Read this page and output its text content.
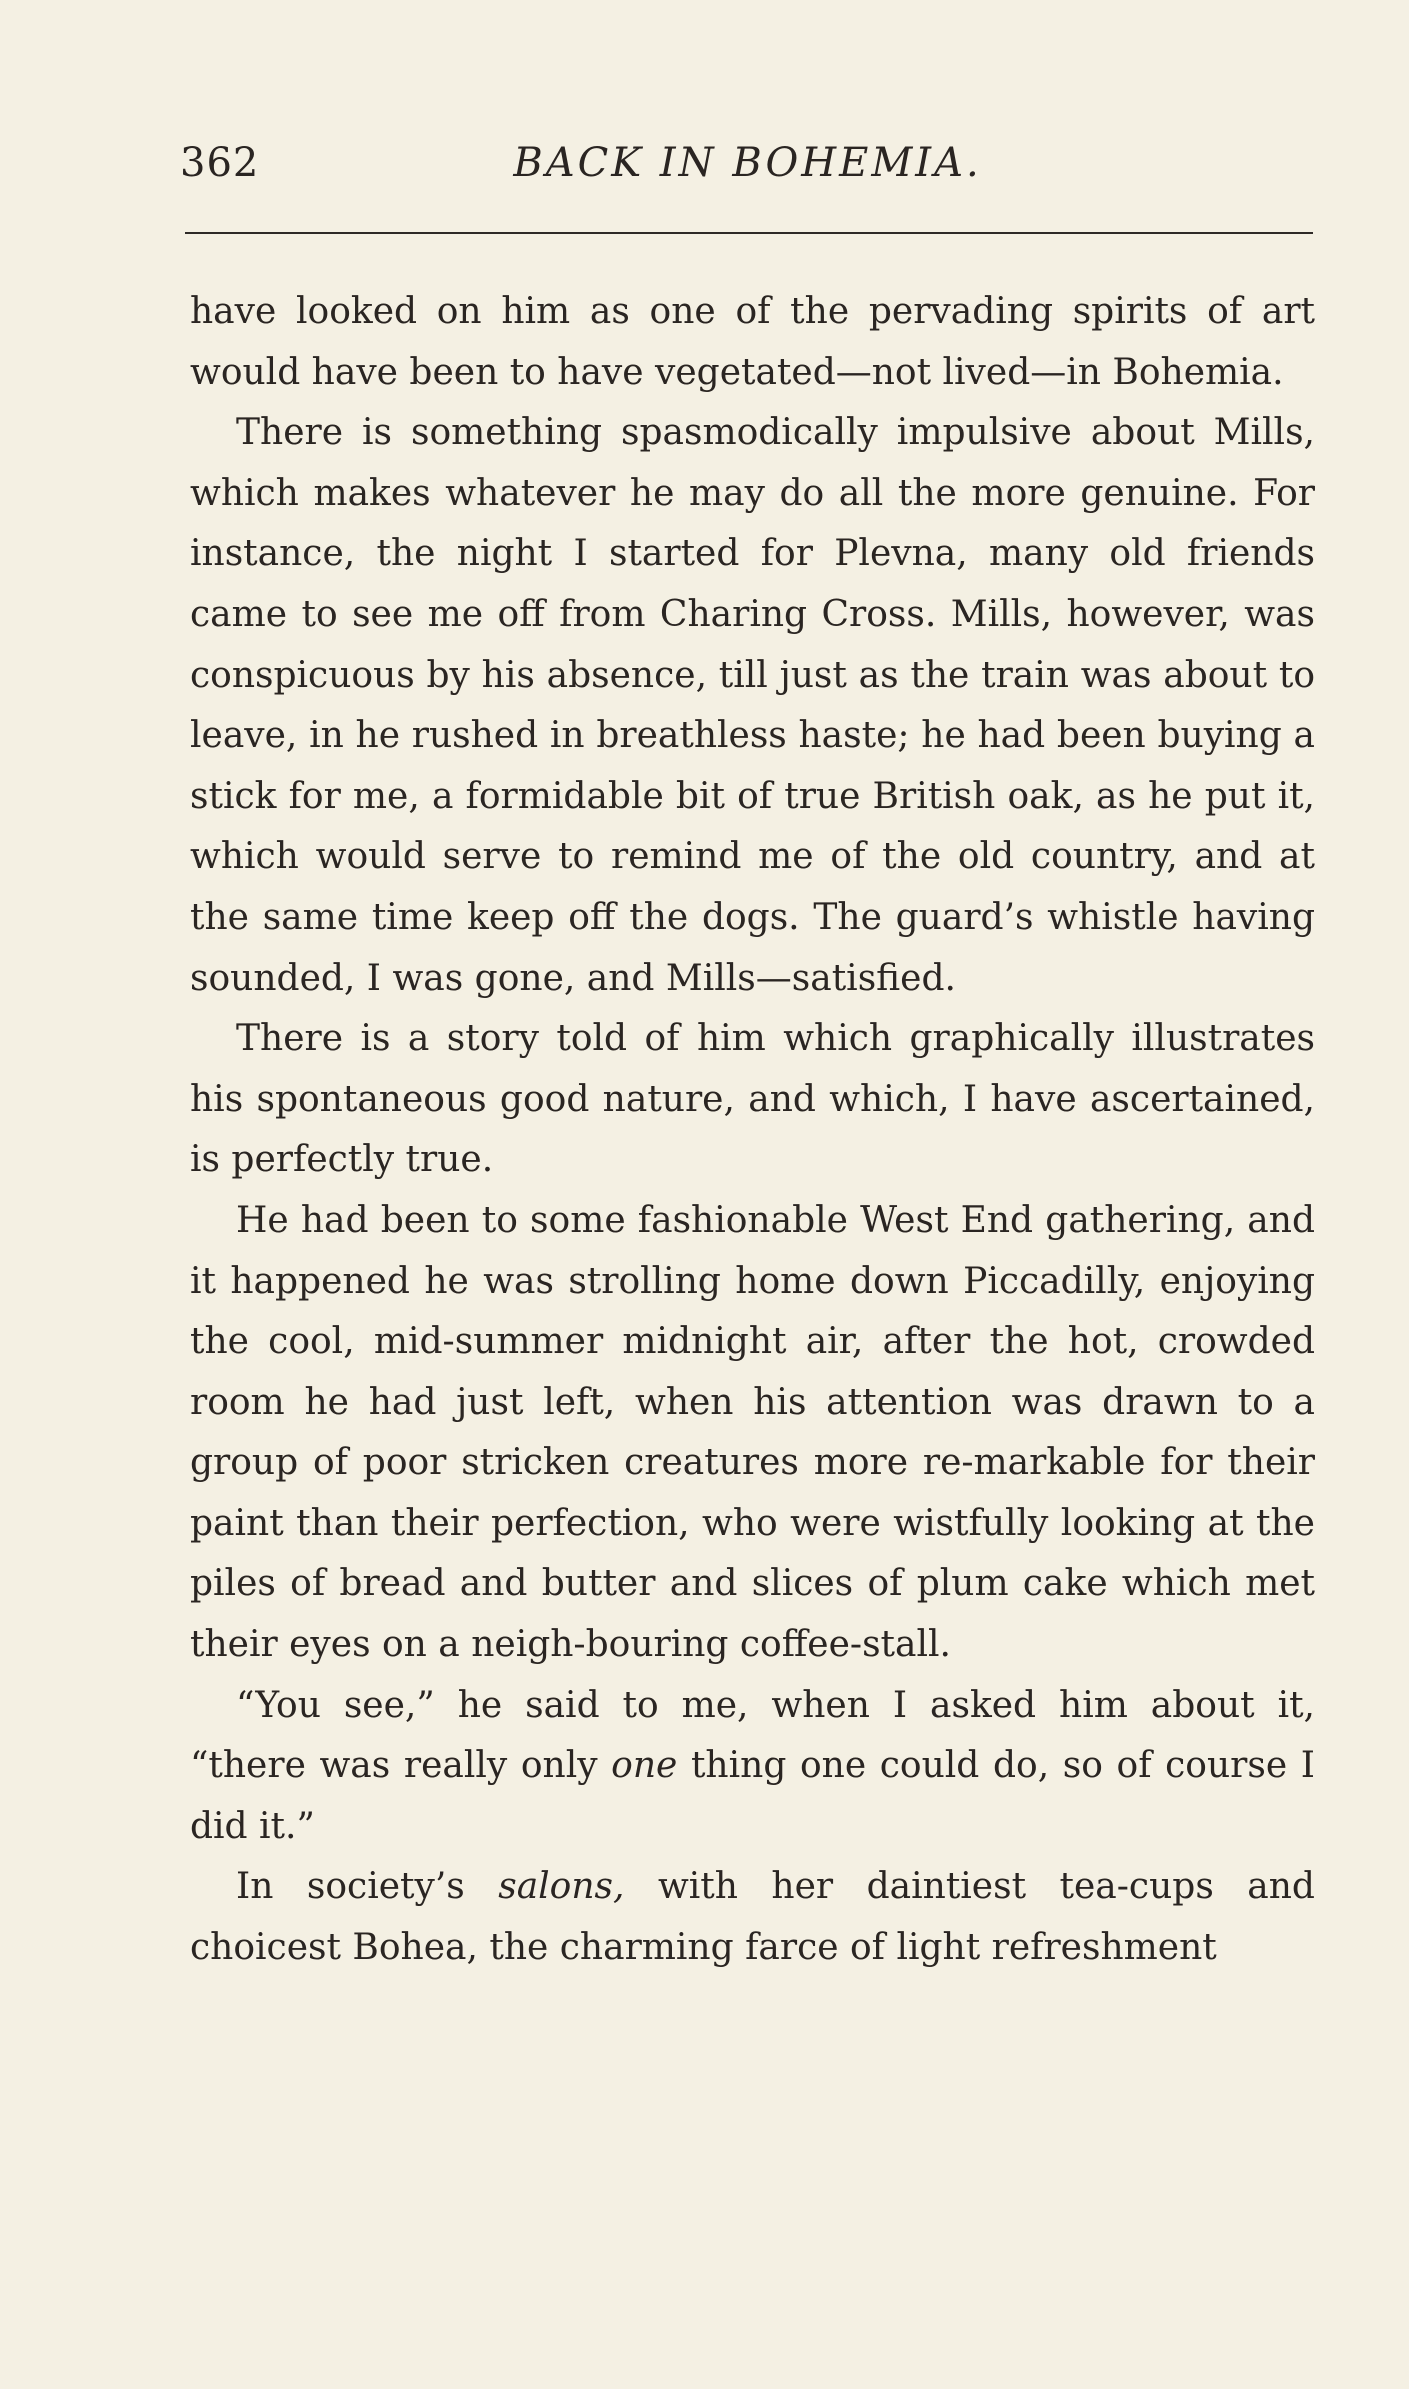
362	BACK IN BOHEMIA.

have looked on him as one of the pervading spirits of art would have been to have vegetated—not lived—in Bohemia.

There is something spasmodically impulsive about Mills, which makes whatever he may do all the more genuine. For instance, the night I started for Plevna, many old friends came to see me off from Charing Cross. Mills, however, was conspicuous by his absence, till just as the train was about to leave, in he rushed in breathless haste; he had been buying a stick for me, a formidable bit of true British oak, as he put it, which would serve to remind me of the old country, and at the same time keep off the dogs. The guard’s whistle having sounded, I was gone, and Mills—satisfied.

There is a story told of him which graphically illustrates his spontaneous good nature, and which, I have ascertained, is perfectly true.

He had been to some fashionable West End gathering, and it happened he was strolling home down Piccadilly, enjoying the cool, mid-summer midnight air, after the hot, crowded room he had just left, when his attention was drawn to a group of poor stricken creatures more re-markable for their paint than their perfection, who were wistfully looking at the piles of bread and butter and slices of plum cake which met their eyes on a neigh-bouring coffee-stall.

“You see,” he said to me, when I asked him about it, “there was really only one thing one could do, so of course I did it.”

In society’s salons, with her daintiest tea-cups and choicest Bohea, the charming farce of light refreshment
